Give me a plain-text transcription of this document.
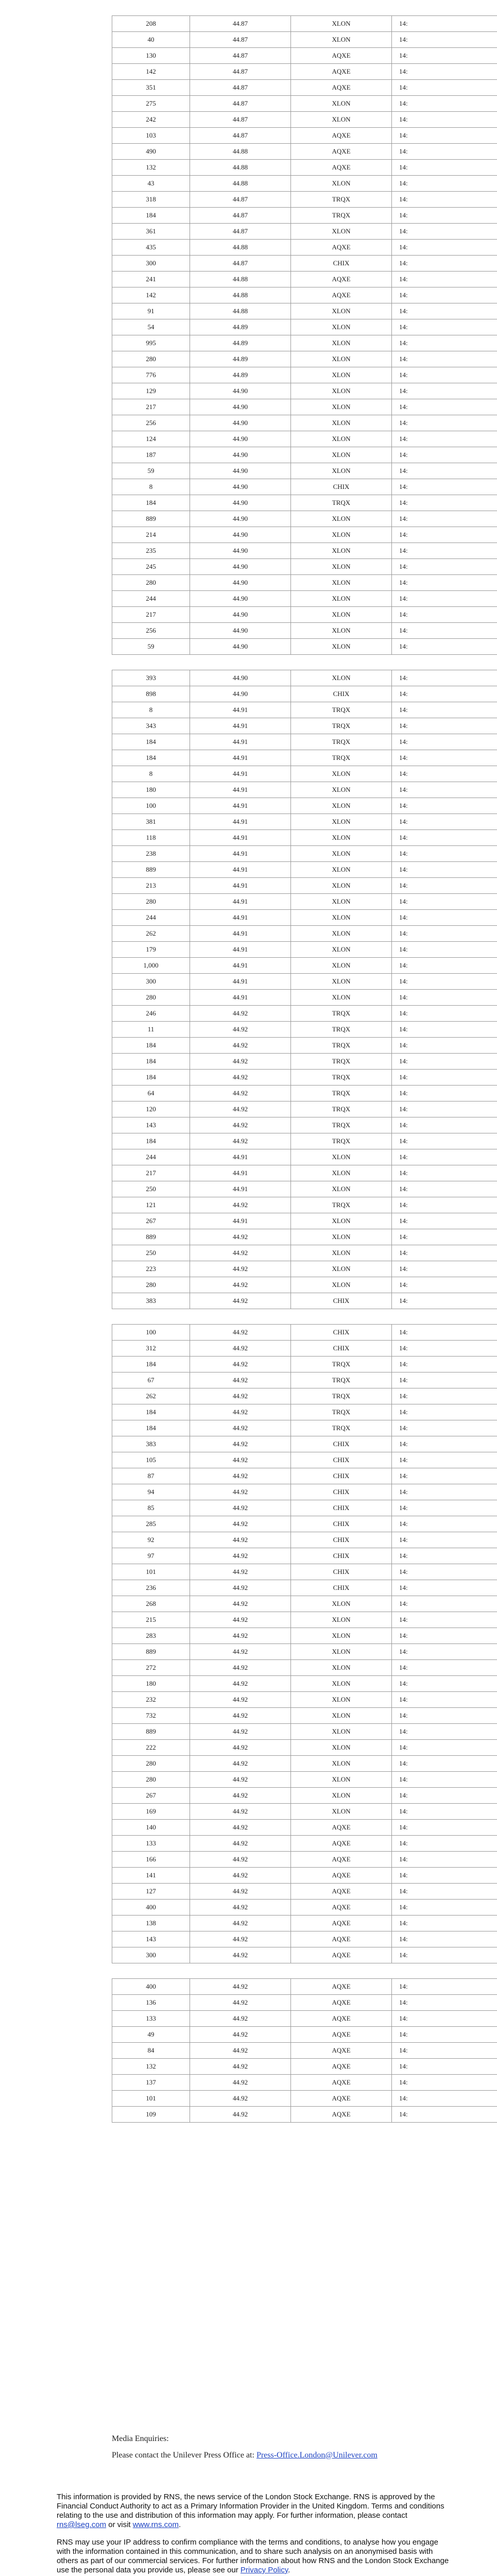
208	44.87	XLON	14:
40	44.87	XLON	14:
130	44.87	AQXE	14:
142	44.87	AQXE	14:
351	44.87	AQXE	14:
275	44.87	XLON	14:
242	44.87	XLON	14:
103	44.87	AQXE	14:
490	44.88	AQXE	14:
132	44.88	AQXE	14:
43	44.88	XLON	14:
318	44.87	TRQX	14:
184	44.87	TRQX	14:
361	44.87	XLON	14:
435	44.88	AQXE	14:
300	44.87	CHIX	14:
241	44.88	AQXE	14:
142	44.88	AQXE	14:
91	44.88	XLON	14:
54	44.89	XLON	14:
995	44.89	XLON	14:
280	44.89	XLON	14:
776	44.89	XLON	14:
129	44.90	XLON	14:
217	44.90	XLON	14:
256	44.90	XLON	14:
124	44.90	XLON	14:
187	44.90	XLON	14:
59	44.90	XLON	14:
8	44.90	CHIX	14:
184	44.90	TRQX	14:
889	44.90	XLON	14:
214	44.90	XLON	14:
235	44.90	XLON	14:
245	44.90	XLON	14:
280	44.90	XLON	14:
244	44.90	XLON	14:
217	44.90	XLON	14:
256	44.90	XLON	14:
59	44.90	XLON	14:
393	44.90	XLON	14:
898	44.90	CHIX	14:
8	44.91	TRQX	14:
343	44.91	TRQX	14:
184	44.91	TRQX	14:
184	44.91	TRQX	14:
8	44.91	XLON	14:
180	44.91	XLON	14:
100	44.91	XLON	14:
381	44.91	XLON	14:
118	44.91	XLON	14:
238	44.91	XLON	14:
889	44.91	XLON	14:
213	44.91	XLON	14:
280	44.91	XLON	14:
244	44.91	XLON	14:
262	44.91	XLON	14:
179	44.91	XLON	14:
1,000	44.91	XLON	14:
300	44.91	XLON	14:
280	44.91	XLON	14:
246	44.92	TRQX	14:
11	44.92	TRQX	14:
184	44.92	TRQX	14:
184	44.92	TRQX	14:
184	44.92	TRQX	14:
64	44.92	TRQX	14:
120	44.92	TRQX	14:
143	44.92	TRQX	14:
184	44.92	TRQX	14:
244	44.91	XLON	14:
217	44.91	XLON	14:
250	44.91	XLON	14:
121	44.92	TRQX	14:
267	44.91	XLON	14:
889	44.92	XLON	14:
250	44.92	XLON	14:
223	44.92	XLON	14:
280	44.92	XLON	14:
383	44.92	CHIX	14:
100	44.92	CHIX	14:
312	44.92	CHIX	14:
184	44.92	TRQX	14:
67	44.92	TRQX	14:
262	44.92	TRQX	14:
184	44.92	TRQX	14:
184	44.92	TRQX	14:
383	44.92	CHIX	14:
105	44.92	CHIX	14:
87	44.92	CHIX	14:
94	44.92	CHIX	14:
85	44.92	CHIX	14:
285	44.92	CHIX	14:
92	44.92	CHIX	14:
97	44.92	CHIX	14:
101	44.92	CHIX	14:
236	44.92	CHIX	14:
268	44.92	XLON	14:
215	44.92	XLON	14:
283	44.92	XLON	14:
889	44.92	XLON	14:
272	44.92	XLON	14:
180	44.92	XLON	14:
232	44.92	XLON	14:
732	44.92	XLON	14:
889	44.92	XLON	14:
222	44.92	XLON	14:
280	44.92	XLON	14:
280	44.92	XLON	14:
267	44.92	XLON	14:
169	44.92	XLON	14:
140	44.92	AQXE	14:
133	44.92	AQXE	14:
166	44.92	AQXE	14:
141	44.92	AQXE	14:
127	44.92	AQXE	14:
400	44.92	AQXE	14:
138	44.92	AQXE	14:
143	44.92	AQXE	14:
300	44.92	AQXE	14:
400	44.92	AQXE	14:
136	44.92	AQXE	14:
133	44.92	AQXE	14:
49	44.92	AQXE	14:
84	44.92	AQXE	14:
132	44.92	AQXE	14:
137	44.92	AQXE	14:
101	44.92	AQXE	14:
109	44.92	AQXE	14:
Media Enquiries:
Please contact the Unilever Press Office at: Press-Office.London@Unilever.com

This information is provided by RNS, the news service of the London Stock Exchange. RNS is approved by the Financial Conduct Authority to act as a Primary Information Provider in the United Kingdom. Terms and conditions relating to the use and distribution of this information may apply. For further information, please contact rns@lseg.com or visit www.rns.com.

RNS may use your IP address to confirm compliance with the terms and conditions, to analyse how you engage with the information contained in this communication, and to share such analysis on an anonymised basis with others as part of our commercial services. For further information about how RNS and the London Stock Exchange use the personal data you provide us, please see our Privacy Policy.
